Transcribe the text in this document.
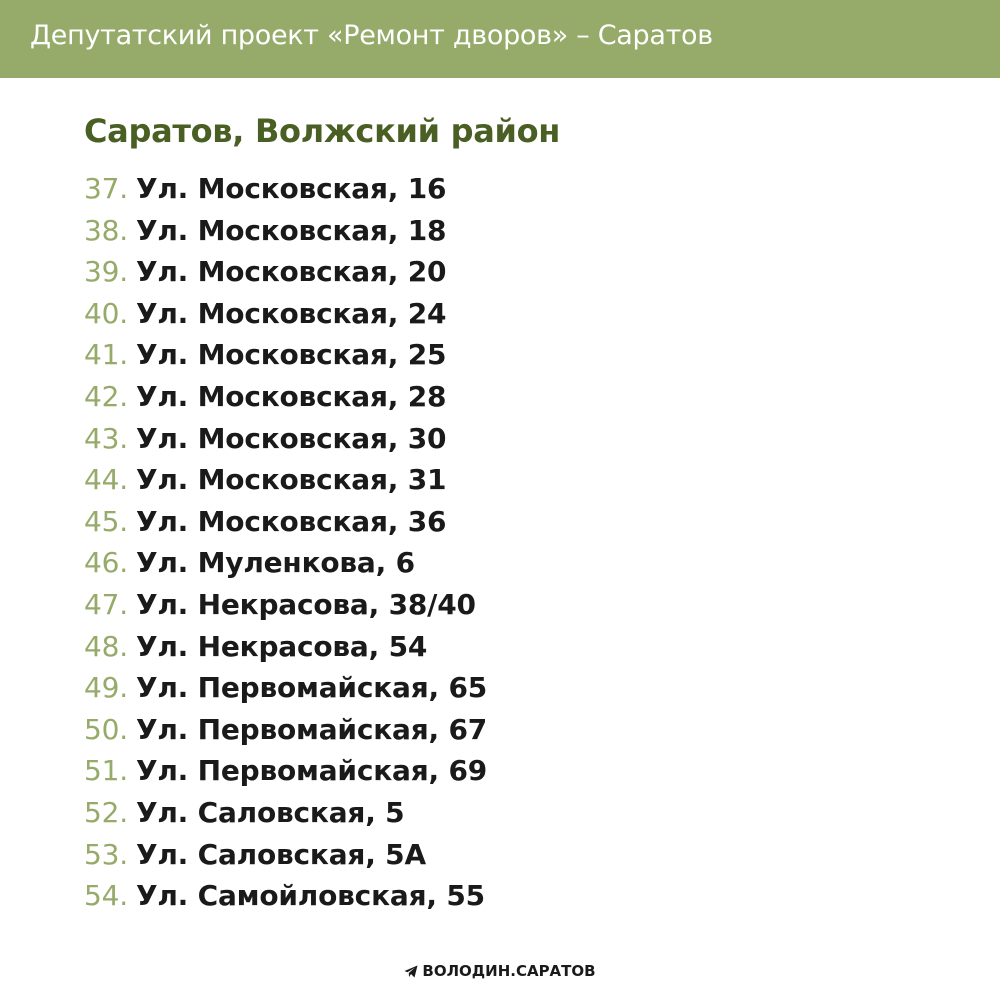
Депутатский проект «Ремонт дворов» – Саратов
Саратов, Волжский район
37. Ул. Московская, 16
38. Ул. Московская, 18
39. Ул. Московская, 20
40. Ул. Московская, 24
41. Ул. Московская, 25
42. Ул. Московская, 28
43. Ул. Московская, 30
44. Ул. Московская, 31
45. Ул. Московская, 36
46. Ул. Муленкова, 6
47. Ул. Некрасова, 38/40
48. Ул. Некрасова, 54
49. Ул. Первомайская, 65
50. Ул. Первомайская, 67
51. Ул. Первомайская, 69
52. Ул. Саловская, 5
53. Ул. Саловская, 5А
54. Ул. Самойловская, 55
ВОЛОДИН.САРАТОВ
